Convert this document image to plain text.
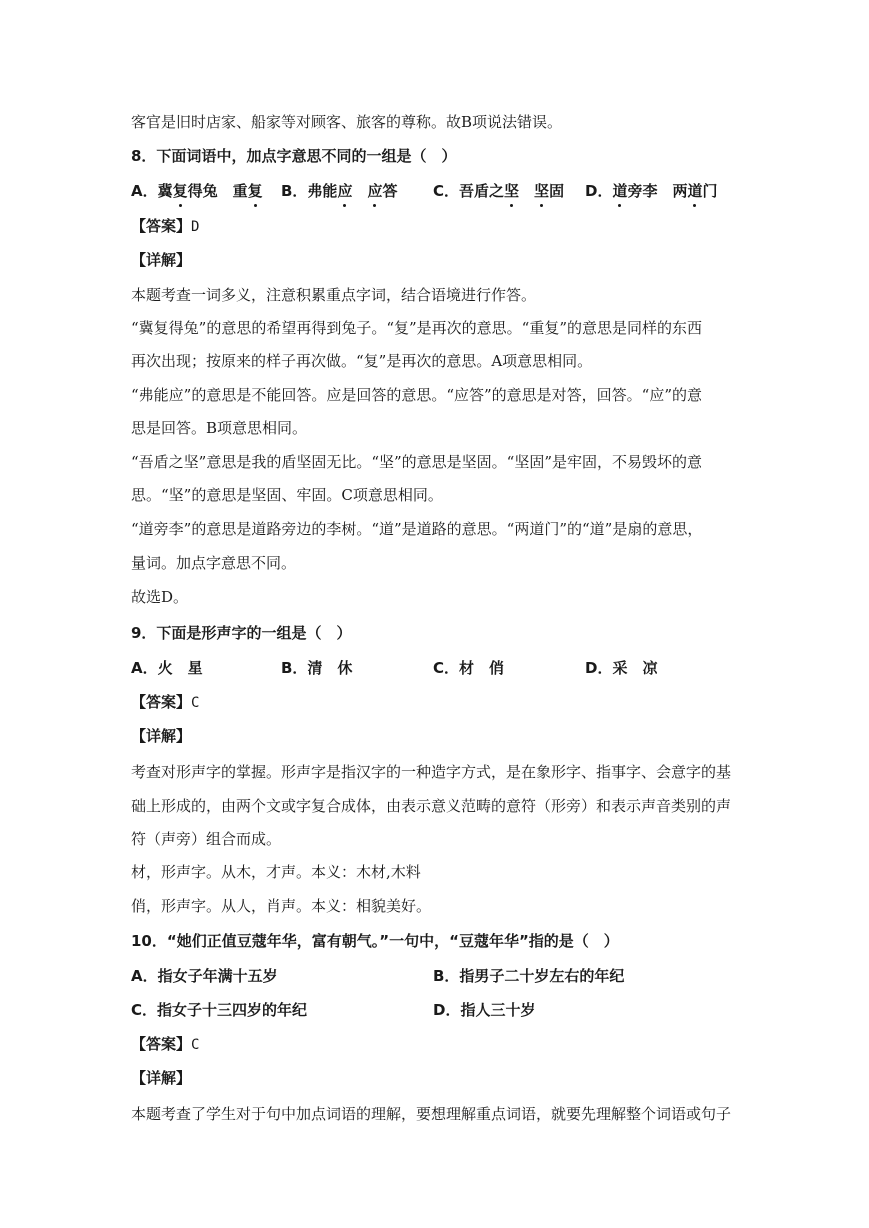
客官是旧时店家、船家等对顾客、旅客的尊称。故B项说法错误。
8．下面词语中，加点字意思不同的一组是（　）
A．冀复得兔　重复 B．弗能应　 应答 C．吾盾之坚　 坚固 D．道旁李　两道门
【答案】D
【详解】
本题考查一词多义，注意积累重点字词，结合语境进行作答。
“冀复得兔”的意思的希望再得到兔子。“复”是再次的意思。“重复”的意思是同样的东西
再次出现；按原来的样子再次做。“复”是再次的意思。A项意思相同。
“弗能应”的意思是不能回答。应是回答的意思。“应答”的意思是对答，回答。“应”的意
思是回答。B项意思相同。
“吾盾之坚”意思是我的盾坚固无比。“坚”的意思是坚固。“坚固”是牢固，不易毁坏的意
思。“坚”的意思是坚固、牢固。C项意思相同。
“道旁李”的意思是道路旁边的李树。“道”是道路的意思。“两道门”的“道”是扇的意思，
量词。加点字意思不同。
故选D。
9．下面是形声字的一组是（　）
A．火　星	B．清　休	C．材　俏	D．采　凉
【答案】C
【详解】
考查对形声字的掌握。形声字是指汉字的一种造字方式，是在象形字、指事字、会意字的基
础上形成的，由两个文或字复合成体，由表示意义范畴的意符（形旁）和表示声音类别的声
符（声旁）组合而成。
材，形声字。从木，才声。本义：木材,木料
俏，形声字。从人，肖声。本义：相貌美好。
10．“她们正值豆蔻年华，富有朝气。”一句中，“豆蔻年华”指的是（　）
A．指女子年满十五岁	B．指男子二十岁左右的年纪
C．指女子十三四岁的年纪	D．指人三十岁
【答案】C
【详解】
本题考查了学生对于句中加点词语的理解，要想理解重点词语，就要先理解整个词语或句子
